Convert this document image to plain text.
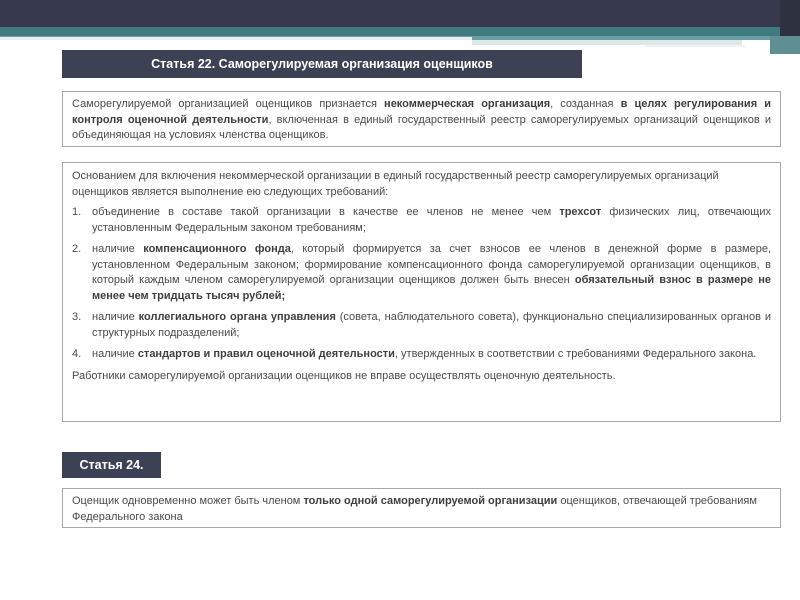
Статья 22. Саморегулируемая организация оценщиков

Саморегулируемой организацией оценщиков признается некоммерческая организация, созданная в целях регулирования и контроля оценочной деятельности, включенная в единый государственный реестр саморегулируемых организаций оценщиков и объединяющая на условиях членства оценщиков.

Основанием для включения некоммерческой организации в единый государственный реестр саморегулируемых организаций оценщиков является выполнение ею следующих требований:

1. объединение в составе такой организации в качестве ее членов не менее чем трехсот физических лиц, отвечающих установленным Федеральным законом требованиям;
2. наличие компенсационного фонда, который формируется за счет взносов ее членов в денежной форме в размере, установленном Федеральным законом; формирование компенсационного фонда саморегулируемой организации оценщиков, в который каждым членом саморегулируемой организации оценщиков должен быть внесен обязательный взнос в размере не менее чем тридцать тысяч рублей;
3. наличие коллегиального органа управления (совета, наблюдательного совета), функционально специализированных органов и структурных подразделений;
4. наличие стандартов и правил оценочной деятельности, утвержденных в соответствии с требованиями Федерального закона.

Работники саморегулируемой организации оценщиков не вправе осуществлять оценочную деятельность.

Статья 24.

Оценщик одновременно может быть членом только одной саморегулируемой организации оценщиков, отвечающей требованиям Федерального закона
